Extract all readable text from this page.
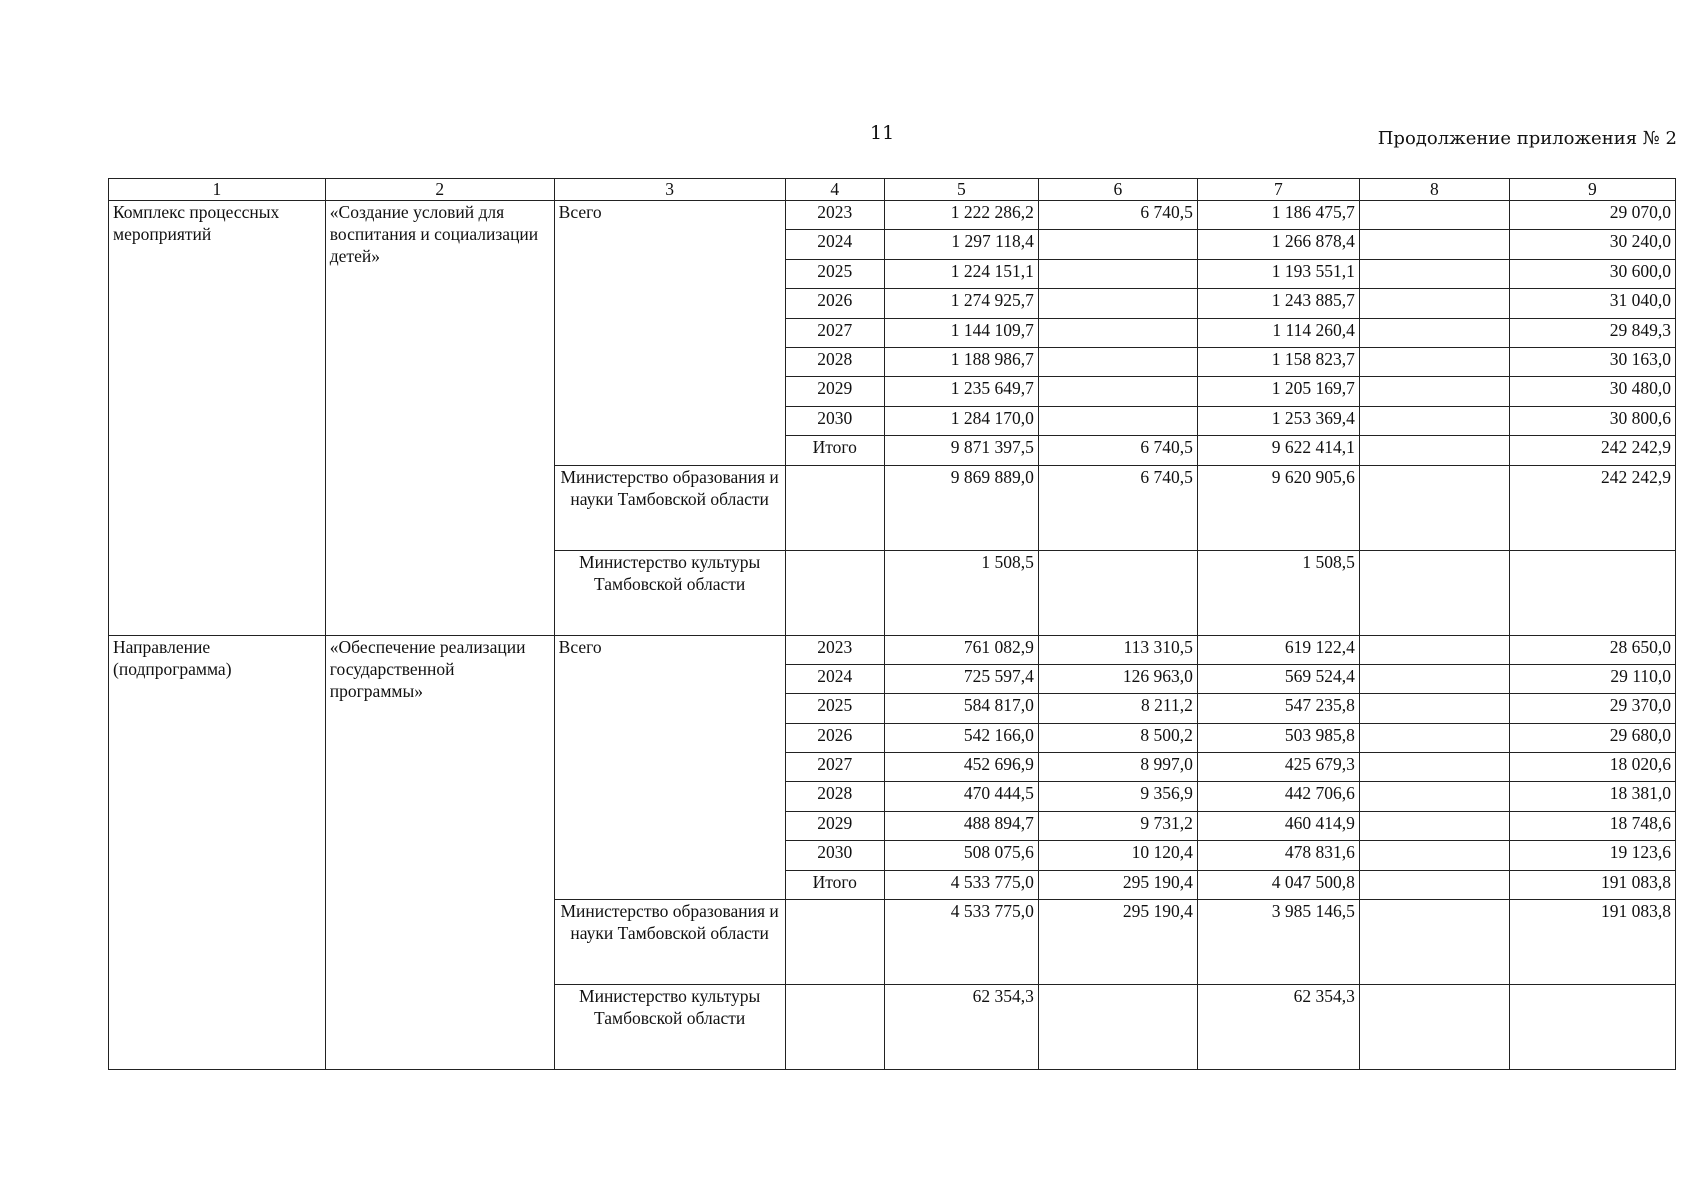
11	Продолжение приложения № 2
1	2	3	4	5	6	7	8	9
Комплекс процессных мероприятий	«Создание условий для воспитания и социализации детей»	Всего	2023	1 222 286,2	6 740,5	1 186 475,7		29 070,0
			2024	1 297 118,4		1 266 878,4		30 240,0
			2025	1 224 151,1		1 193 551,1		30 600,0
			2026	1 274 925,7		1 243 885,7		31 040,0
			2027	1 144 109,7		1 114 260,4		29 849,3
			2028	1 188 986,7		1 158 823,7		30 163,0
			2029	1 235 649,7		1 205 169,7		30 480,0
			2030	1 284 170,0		1 253 369,4		30 800,6
			Итого	9 871 397,5	6 740,5	9 622 414,1		242 242,9
		Министерство образования и науки Тамбовской области		9 869 889,0	6 740,5	9 620 905,6		242 242,9
		Министерство культуры Тамбовской области		1 508,5		1 508,5		
Направление (подпрограмма)	«Обеспечение реализации государственной программы»	Всего	2023	761 082,9	113 310,5	619 122,4		28 650,0
			2024	725 597,4	126 963,0	569 524,4		29 110,0
			2025	584 817,0	8 211,2	547 235,8		29 370,0
			2026	542 166,0	8 500,2	503 985,8		29 680,0
			2027	452 696,9	8 997,0	425 679,3		18 020,6
			2028	470 444,5	9 356,9	442 706,6		18 381,0
			2029	488 894,7	9 731,2	460 414,9		18 748,6
			2030	508 075,6	10 120,4	478 831,6		19 123,6
			Итого	4 533 775,0	295 190,4	4 047 500,8		191 083,8
		Министерство образования и науки Тамбовской области		4 533 775,0	295 190,4	3 985 146,5		191 083,8
		Министерство культуры Тамбовской области		62 354,3		62 354,3		
